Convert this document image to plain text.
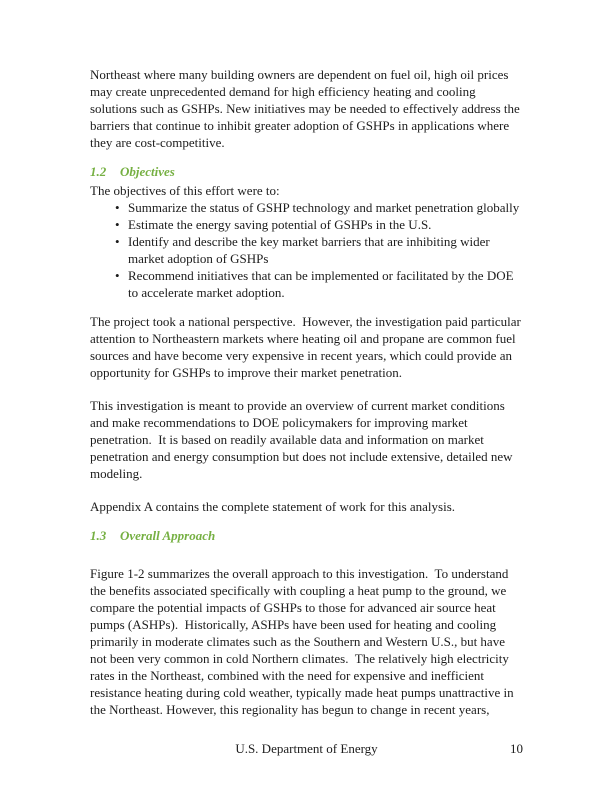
Northeast where many building owners are dependent on fuel oil, high oil prices may create unprecedented demand for high efficiency heating and cooling solutions such as GSHPs. New initiatives may be needed to effectively address the barriers that continue to inhibit greater adoption of GSHPs in applications where they are cost-competitive.

1.2 Objectives

The objectives of this effort were to:

• Summarize the status of GSHP technology and market penetration globally
• Estimate the energy saving potential of GSHPs in the U.S.
• Identify and describe the key market barriers that are inhibiting wider market adoption of GSHPs
• Recommend initiatives that can be implemented or facilitated by the DOE to accelerate market adoption.

The project took a national perspective.  However, the investigation paid particular attention to Northeastern markets where heating oil and propane are common fuel sources and have become very expensive in recent years, which could provide an opportunity for GSHPs to improve their market penetration.

This investigation is meant to provide an overview of current market conditions and make recommendations to DOE policymakers for improving market penetration.  It is based on readily available data and information on market penetration and energy consumption but does not include extensive, detailed new modeling.

Appendix A contains the complete statement of work for this analysis.

1.3 Overall Approach

Figure 1-2 summarizes the overall approach to this investigation.  To understand the benefits associated specifically with coupling a heat pump to the ground, we compare the potential impacts of GSHPs to those for advanced air source heat pumps (ASHPs).  Historically, ASHPs have been used for heating and cooling primarily in moderate climates such as the Southern and Western U.S., but have not been very common in cold Northern climates.  The relatively high electricity rates in the Northeast, combined with the need for expensive and inefficient resistance heating during cold weather, typically made heat pumps unattractive in the Northeast. However, this regionality has begun to change in recent years,

U.S. Department of Energy	10
